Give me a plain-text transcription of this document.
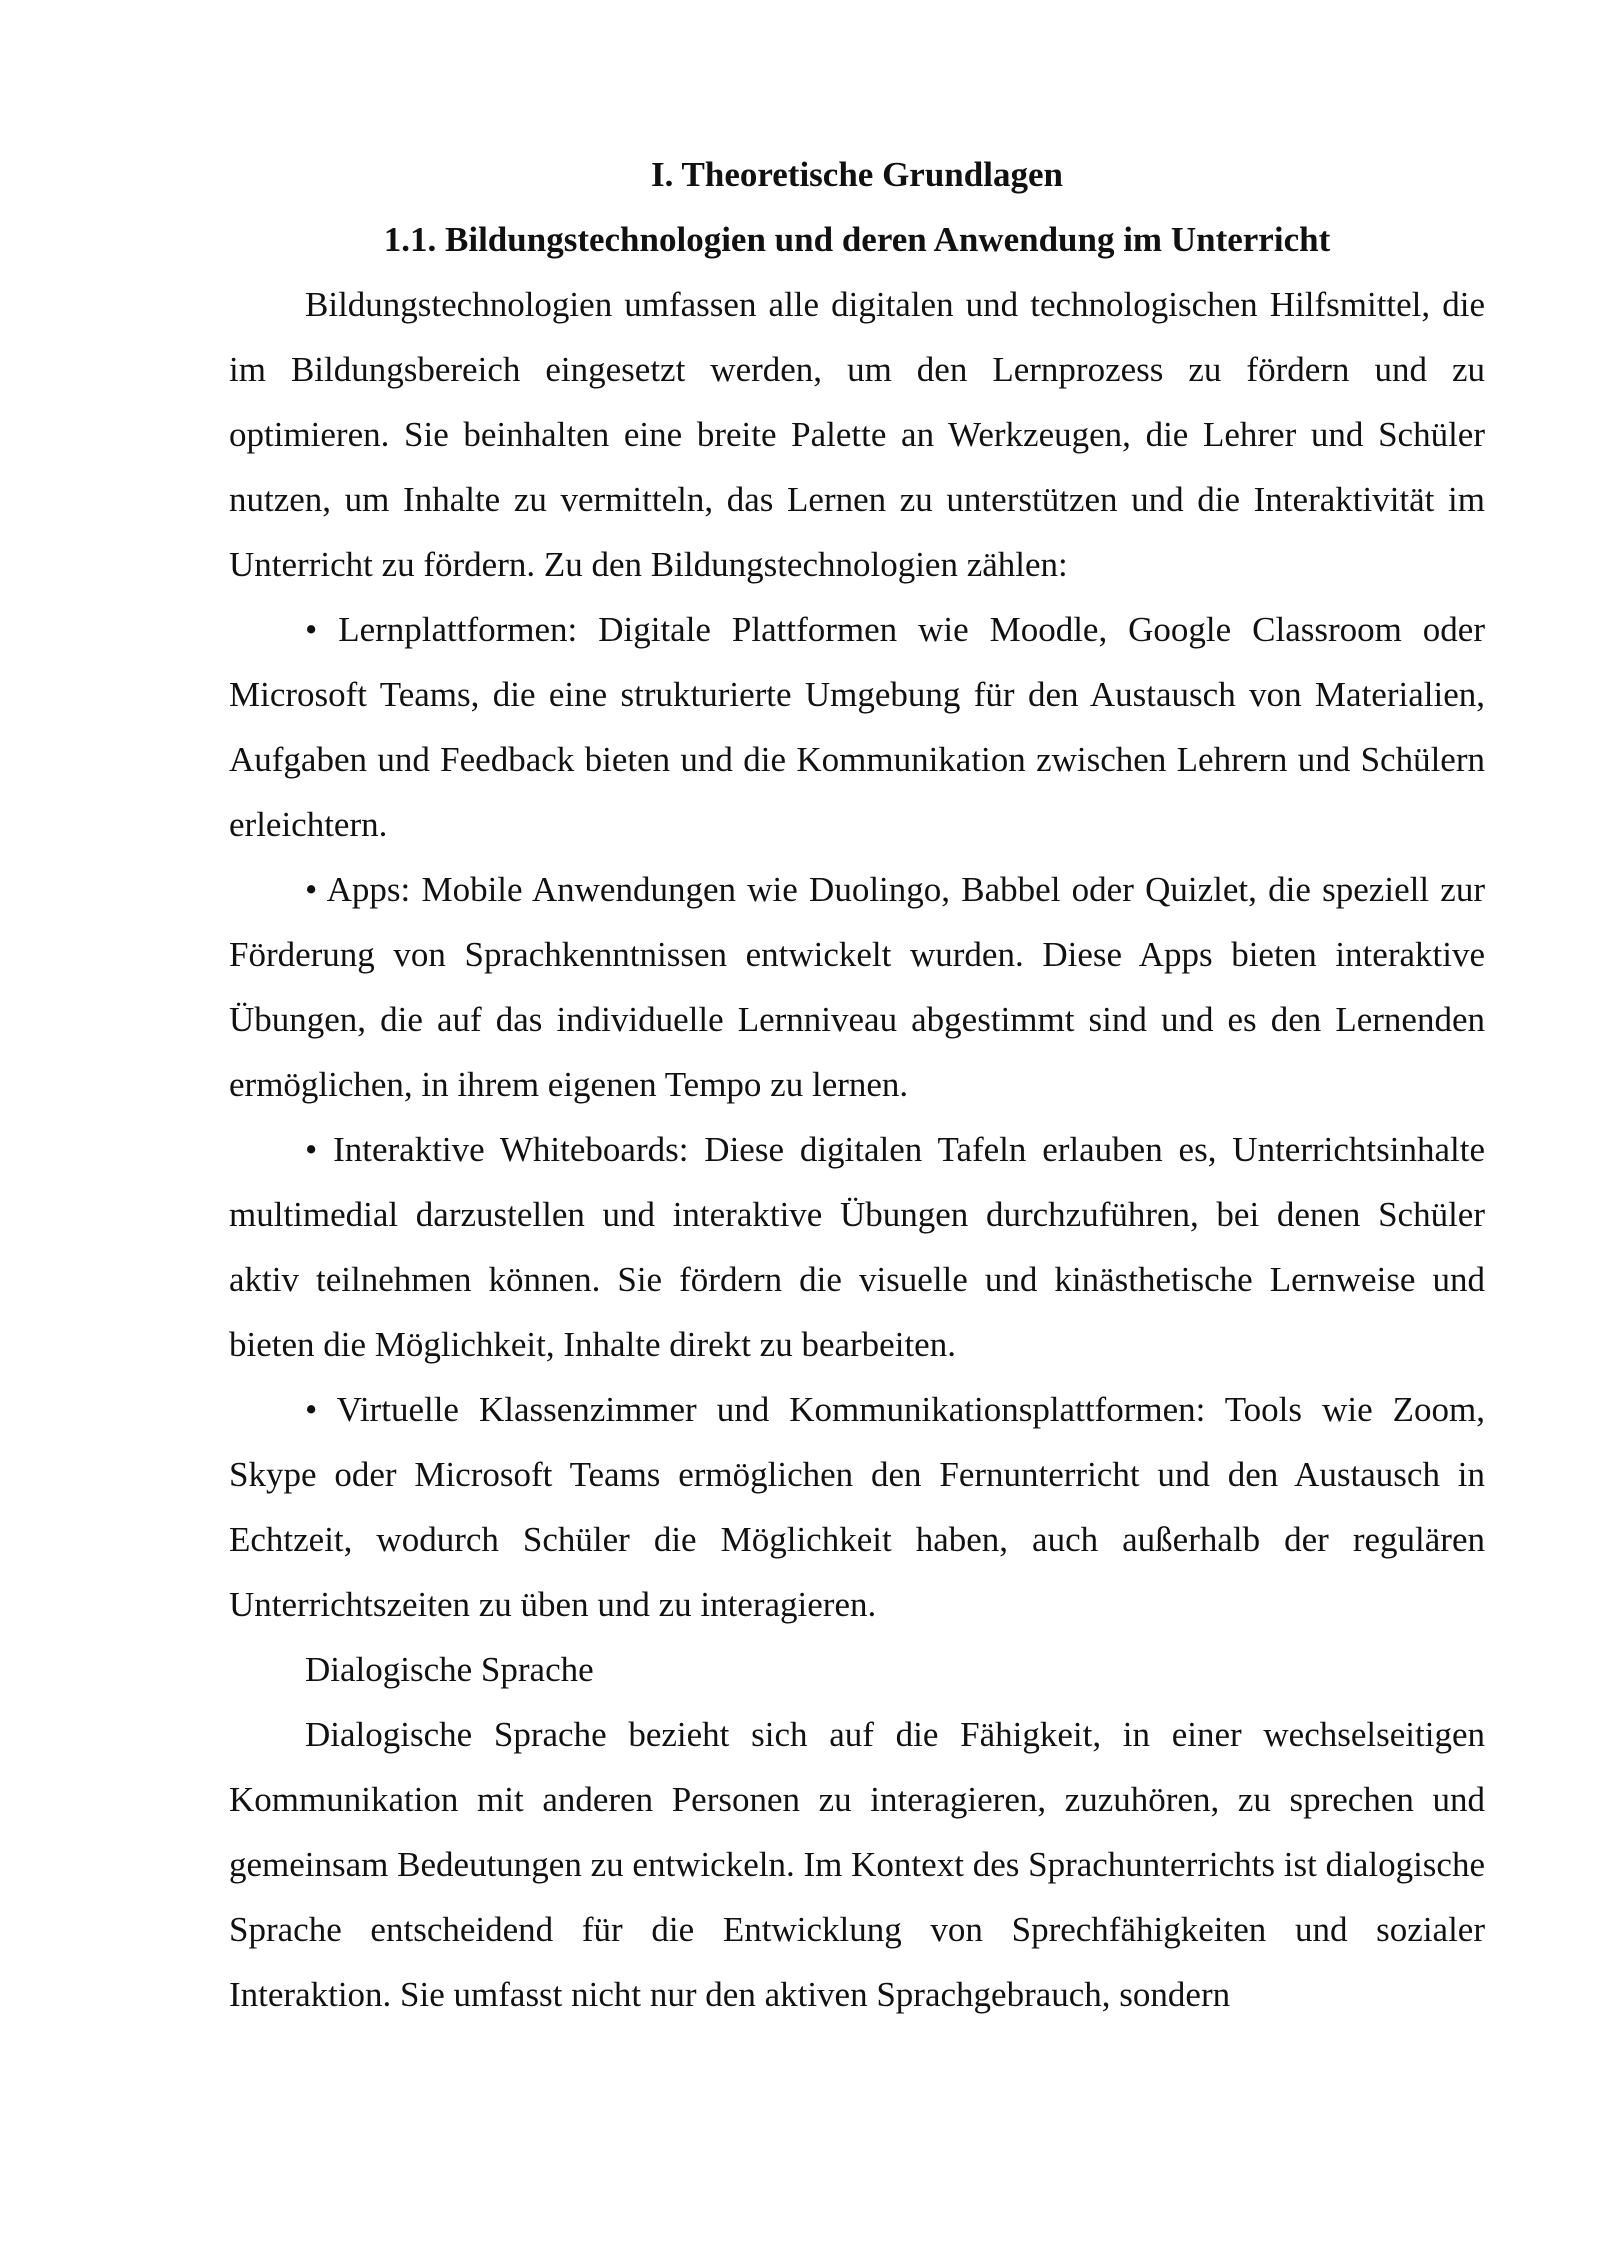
I. Theoretische Grundlagen
1.1. Bildungstechnologien und deren Anwendung im Unterricht

Bildungstechnologien umfassen alle digitalen und technologischen Hilfsmittel, die im Bildungsbereich eingesetzt werden, um den Lernprozess zu fördern und zu optimieren. Sie beinhalten eine breite Palette an Werkzeugen, die Lehrer und Schüler nutzen, um Inhalte zu vermitteln, das Lernen zu unterstützen und die Interaktivität im Unterricht zu fördern. Zu den Bildungstechnologien zählen:

• Lernplattformen: Digitale Plattformen wie Moodle, Google Classroom oder Microsoft Teams, die eine strukturierte Umgebung für den Austausch von Materialien, Aufgaben und Feedback bieten und die Kommunikation zwischen Lehrern und Schülern erleichtern.

• Apps: Mobile Anwendungen wie Duolingo, Babbel oder Quizlet, die speziell zur Förderung von Sprachkenntnissen entwickelt wurden. Diese Apps bieten interaktive Übungen, die auf das individuelle Lernniveau abgestimmt sind und es den Lernenden ermöglichen, in ihrem eigenen Tempo zu lernen.

• Interaktive Whiteboards: Diese digitalen Tafeln erlauben es, Unterrichtsinhalte multimedial darzustellen und interaktive Übungen durchzuführen, bei denen Schüler aktiv teilnehmen können. Sie fördern die visuelle und kinästhetische Lernweise und bieten die Möglichkeit, Inhalte direkt zu bearbeiten.

• Virtuelle Klassenzimmer und Kommunikationsplattformen: Tools wie Zoom, Skype oder Microsoft Teams ermöglichen den Fernunterricht und den Austausch in Echtzeit, wodurch Schüler die Möglichkeit haben, auch außerhalb der regulären Unterrichtszeiten zu üben und zu interagieren.

Dialogische Sprache

Dialogische Sprache bezieht sich auf die Fähigkeit, in einer wechselseitigen Kommunikation mit anderen Personen zu interagieren, zuzuhören, zu sprechen und gemeinsam Bedeutungen zu entwickeln. Im Kontext des Sprachunterrichts ist dialogische Sprache entscheidend für die Entwicklung von Sprechfähigkeiten und sozialer Interaktion. Sie umfasst nicht nur den aktiven Sprachgebrauch, sondern
